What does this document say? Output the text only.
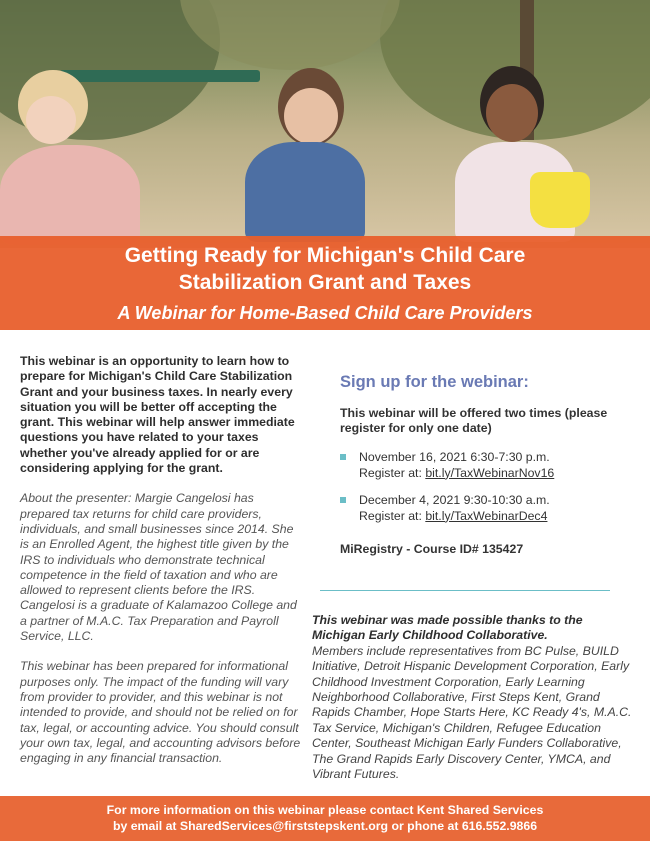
Getting Ready for Michigan's Child Care
Stabilization Grant and Taxes
A Webinar for Home-Based Child Care Providers

This webinar is an opportunity to learn how to prepare for Michigan's Child Care Stabilization Grant and your business taxes. In nearly every situation you will be better off accepting the grant. This webinar will help answer immediate questions you have related to your taxes whether you've already applied for or are considering applying for the grant.

About the presenter: Margie Cangelosi has prepared tax returns for child care providers, individuals, and small businesses since 2014. She is an Enrolled Agent, the highest title given by the IRS to individuals who demonstrate technical competence in the field of taxation and who are allowed to represent clients before the IRS. Cangelosi is a graduate of Kalamazoo College and a partner of M.A.C. Tax Preparation and Payroll Service, LLC.

This webinar has been prepared for informational purposes only. The impact of the funding will vary from provider to provider, and this webinar is not intended to provide, and should not be relied on for tax, legal, or accounting advice. You should consult your own tax, legal, and accounting advisors before engaging in any financial transaction.

Sign up for the webinar:
This webinar will be offered two times (please register for only one date)
November 16, 2021 6:30-7:30 p.m.
Register at: bit.ly/TaxWebinarNov16
December 4, 2021 9:30-10:30 a.m.
Register at: bit.ly/TaxWebinarDec4
MiRegistry - Course ID# 135427
This webinar was made possible thanks to the Michigan Early Childhood Collaborative.
Members include representatives from BC Pulse, BUILD Initiative, Detroit Hispanic Development Corporation, Early Childhood Investment Corporation, Early Learning Neighborhood Collaborative, First Steps Kent, Grand Rapids Chamber, Hope Starts Here, KC Ready 4's, M.A.C. Tax Service, Michigan's Children, Refugee Education Center, Southeast Michigan Early Funders Collaborative, The Grand Rapids Early Discovery Center, YMCA, and Vibrant Futures.
For more information on this webinar please contact Kent Shared Services
by email at SharedServices@firststepskent.org or phone at 616.552.9866
